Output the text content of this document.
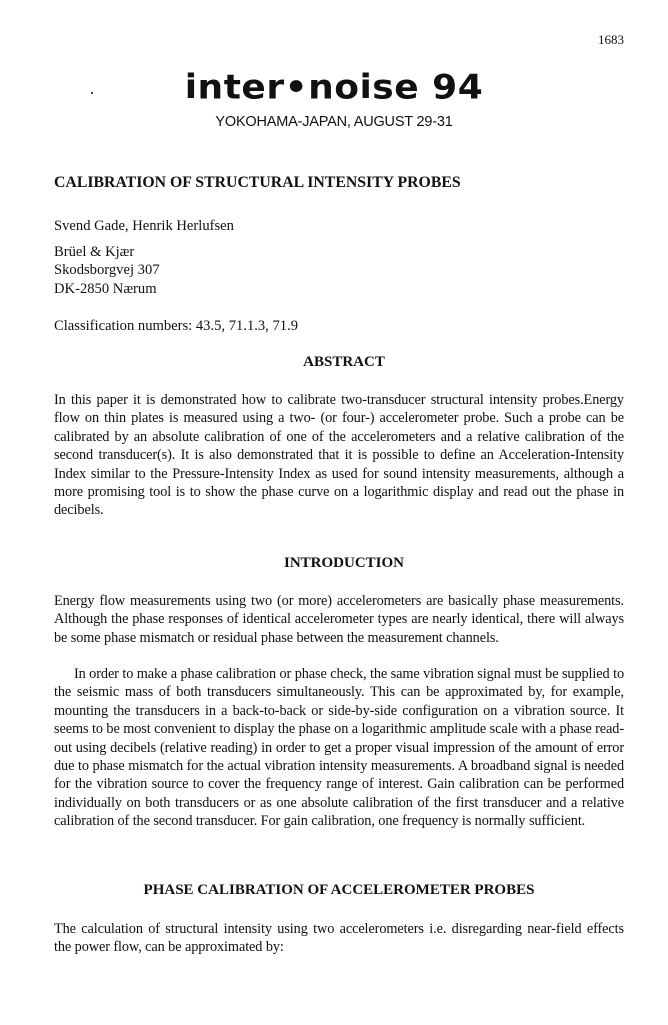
1683
inter•noise 94
YOKOHAMA-JAPAN, AUGUST 29-31
CALIBRATION OF STRUCTURAL INTENSITY PROBES

Svend Gade, Henrik Herlufsen

Brüel & Kjær

Skodsborgvej 307

DK-2850 Nærum

Classification numbers: 43.5, 71.1.3, 71.9

ABSTRACT

In this paper it is demonstrated how to calibrate two-transducer structural intensity probes.Energy flow on thin plates is measured using a two- (or four-) accelerometer probe. Such a probe can be calibrated by an absolute calibration of one of the accelerometers and a relative calibration of the second transducer(s). It is also demonstrated that it is possible to define an Acceleration-Intensity Index similar to the Pressure-Intensity Index as used for sound intensity measurements, although a more promising tool is to show the phase curve on a logarithmic display and read out the phase in decibels.

INTRODUCTION

Energy flow measurements using two (or more) accelerometers are basically phase measurements. Although the phase responses of identical accelerometer types are nearly identical, there will always be some phase mismatch or residual phase between the measurement channels.

In order to make a phase calibration or phase check, the same vibration signal must be supplied to the seismic mass of both transducers simultaneously. This can be approximated by, for example, mounting the transducers in a back-to-back or side-by-side configuration on a vibration source. It seems to be most convenient to display the phase on a logarithmic amplitude scale with a phase read-out using decibels (relative reading) in order to get a proper visual impression of the amount of error due to phase mismatch for the actual vibration intensity measurements. A broadband signal is needed for the vibration source to cover the frequency range of interest. Gain calibration can be performed individually on both transducers or as one absolute calibration of the first transducer and a relative calibration of the second transducer. For gain calibration, one frequency is normally sufficient.

PHASE CALIBRATION OF ACCELEROMETER PROBES

The calculation of structural intensity using two accelerometers i.e. disregarding near-field effects the power flow, can be approximated by:
